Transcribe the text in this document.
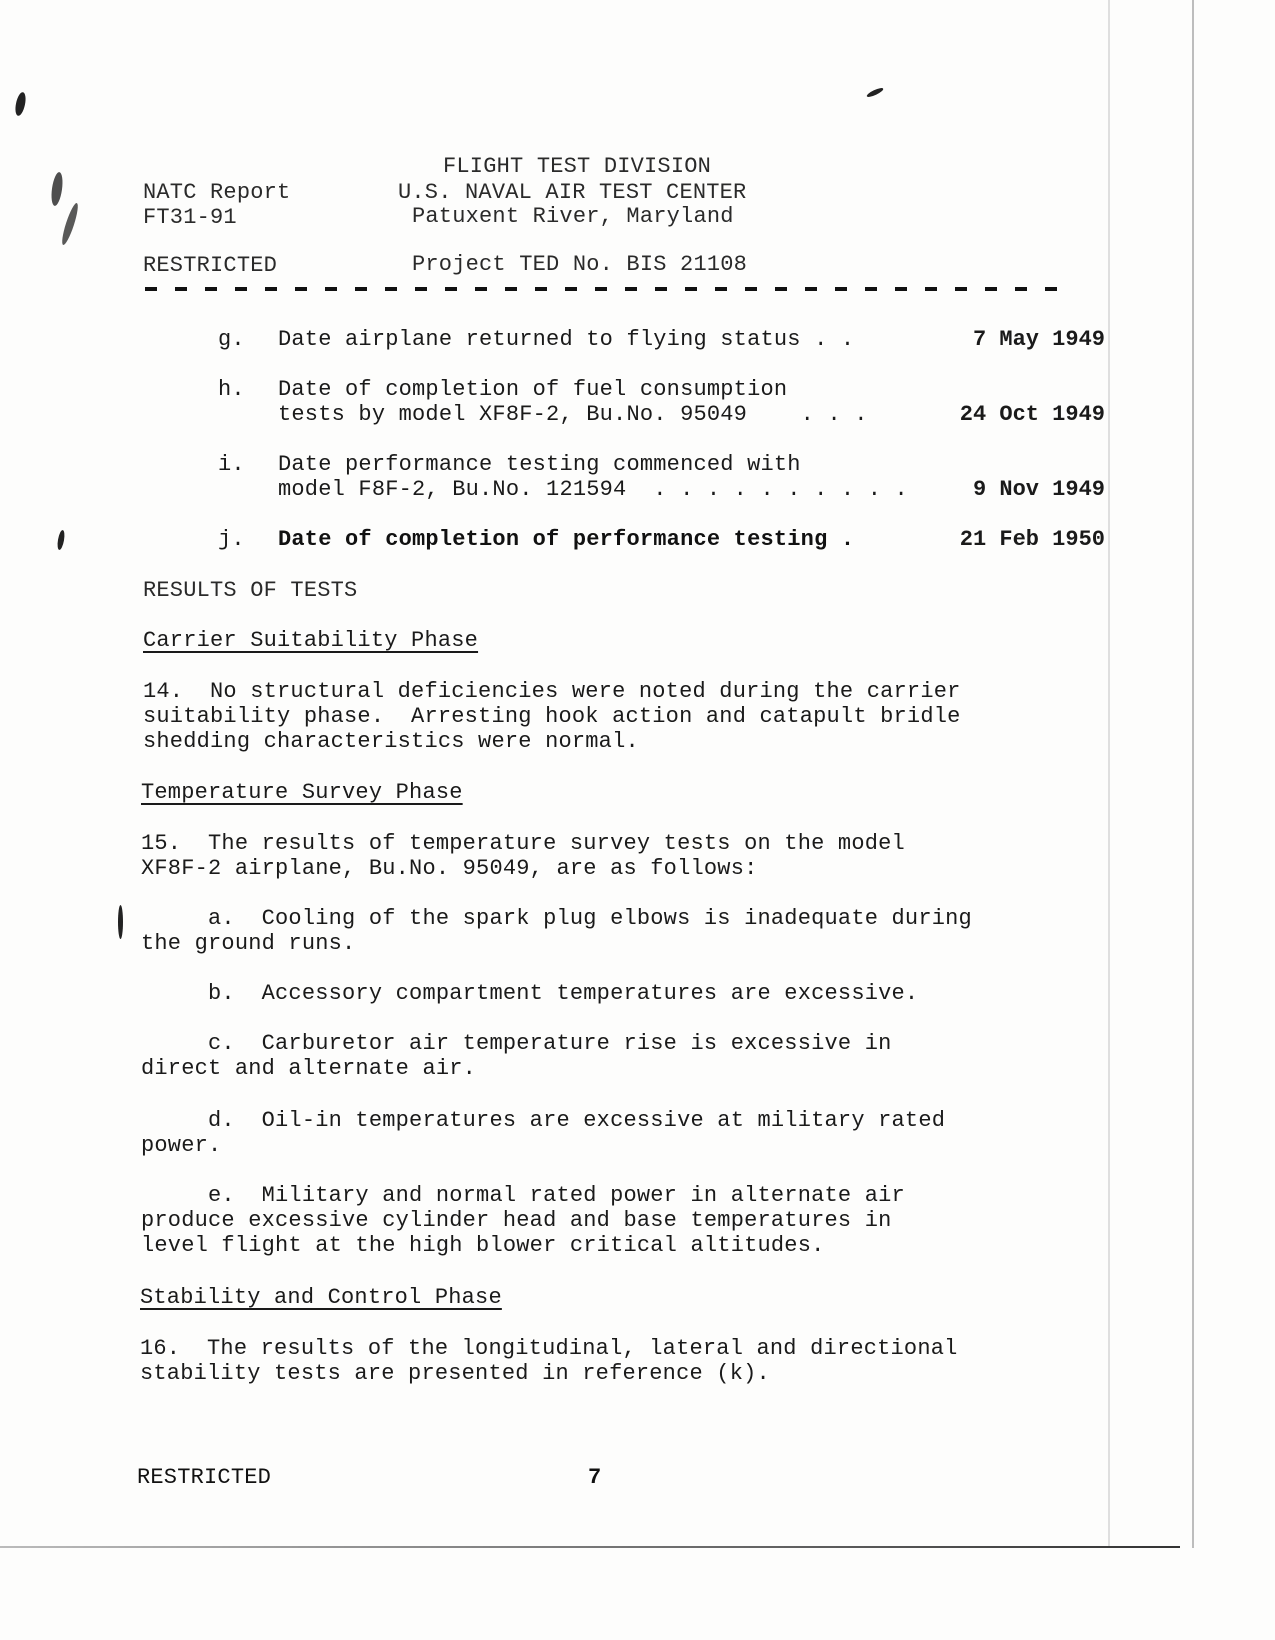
FLIGHT TEST DIVISION
NATC Report	U.S. NAVAL AIR TEST CENTER
FT31-91	Patuxent River, Maryland
RESTRICTED	Project TED No. BIS 21108
g. Date airplane returned to flying status . .	7 May 1949
h. Date of completion of fuel consumption
tests by model XF8F-2, Bu.No. 95049    . . .	24 Oct 1949
i. Date performance testing commenced with
model F8F-2, Bu.No. 121594  . . . . . . . . . .	9 Nov 1949
j. Date of completion of performance testing .	21 Feb 1950
RESULTS OF TESTS
Carrier Suitability Phase
14.  No structural deficiencies were noted during the carrier
suitability phase.  Arresting hook action and catapult bridle
shedding characteristics were normal.
Temperature Survey Phase
15.  The results of temperature survey tests on the model
XF8F-2 airplane, Bu.No. 95049, are as follows:
a.  Cooling of the spark plug elbows is inadequate during
the ground runs.
b.  Accessory compartment temperatures are excessive.
c.  Carburetor air temperature rise is excessive in
direct and alternate air.
d.  Oil-in temperatures are excessive at military rated
power.
e.  Military and normal rated power in alternate air
produce excessive cylinder head and base temperatures in
level flight at the high blower critical altitudes.
Stability and Control Phase
16.  The results of the longitudinal, lateral and directional
stability tests are presented in reference (k).
RESTRICTED	7
